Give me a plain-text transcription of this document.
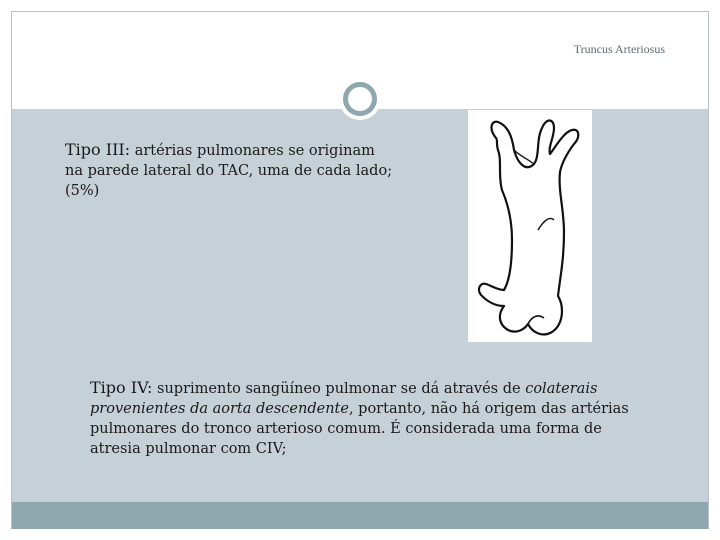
Truncus Arteriosus
Tipo III: artérias pulmonares se originam
na parede lateral do TAC, uma de cada lado;
(5%)
Tipo IV: suprimento sangüíneo pulmonar se dá através de colaterais
provenientes da aorta descendente, portanto, não há origem das artérias
pulmonares do tronco arterioso comum. É considerada uma forma de
atresia pulmonar com CIV;
